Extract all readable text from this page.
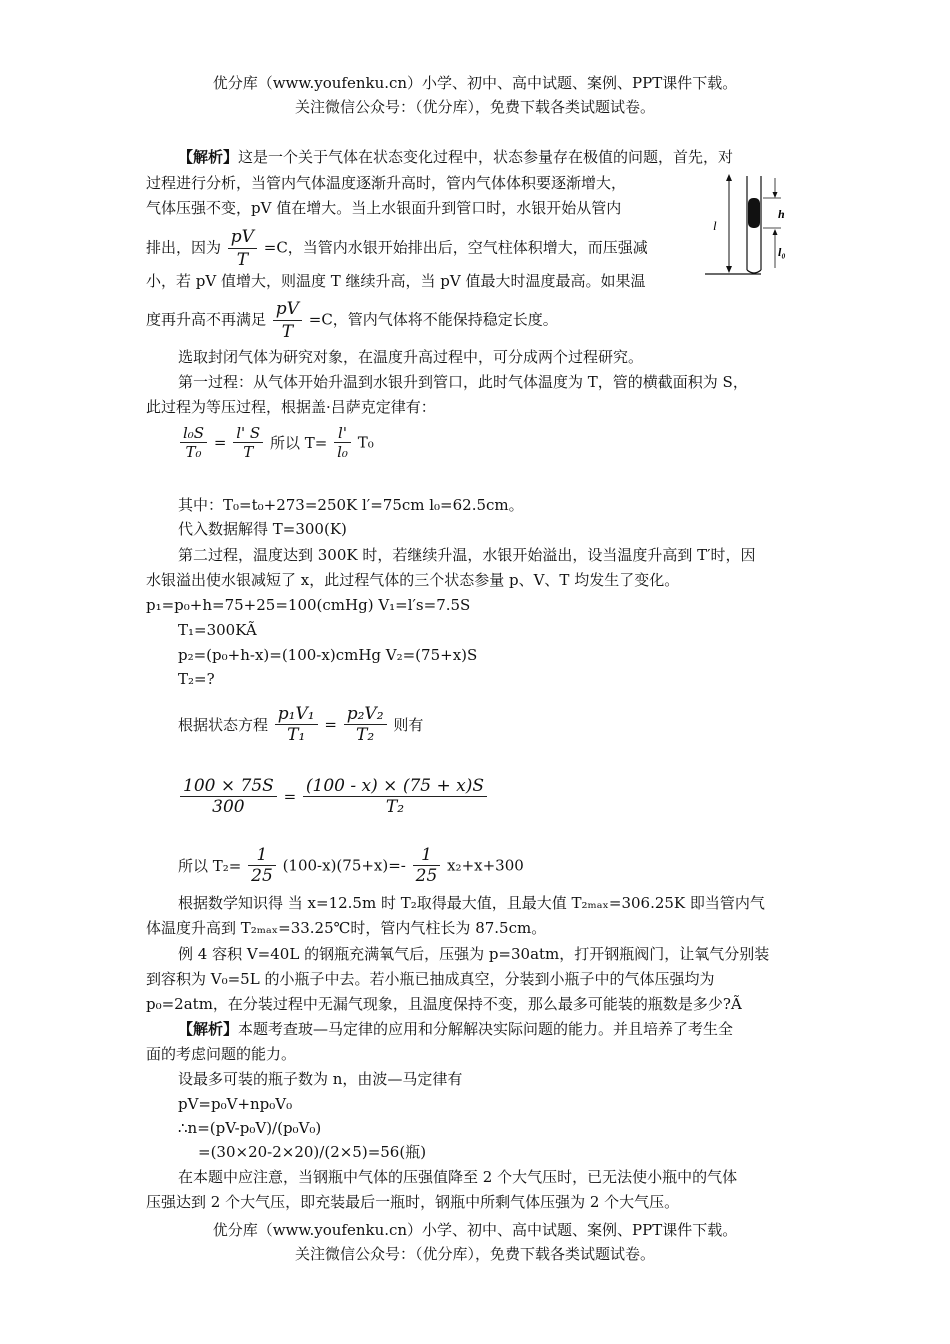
优分库（www.youfenku.cn）小学、初中、高中试题、案例、PPT课件下载。
关注微信公众号：（优分库），免费下载各类试题试卷。
【解析】这是一个关于气体在状态变化过程中，状态参量存在极值的问题，首先，对
过程进行分析，当管内气体温度逐渐升高时，管内气体体积要逐渐增大，
气体压强不变，pV 值在增大。当上水银面升到管口时，水银开始从管内
排出，因为 $\frac{pV}{T} =C$，当管内水银开始排出后，空气柱体积增大，而压强减
小，若 pV 值增大，则温度 T 继续升高，当 pV 值最大时温度最高。如果温
度再升高不再满足 $\frac{pV}{T} =C$，管内气体将不能保持稳定长度。
l
h
l₀
选取封闭气体为研究对象，在温度升高过程中，可分成两个过程研究。
第一过程：从气体开始升温到水银升到管口，此时气体温度为 T，管的横截面积为 S，
此过程为等压过程，根据盖·吕萨克定律有：
$\frac{\text{l₀S}}{\text{T₀}} = \frac{l' S}{T}$ 所以 $T= \frac{l'}{\text{l₀}} T_0$
其中：T₀=t₀+273=250K l′=75cm l₀=62.5cm。
代入数据解得 T=300(K)
第二过程，温度达到 300K 时，若继续升温，水银开始溢出，设当温度升高到 T′时，因
水银溢出使水银减短了 x，此过程气体的三个状态参量 p、V、T 均发生了变化。
p₁=p₀+h=75+25=100(cmHg) V₁=l′s=7.5S
T₁=300KÃ
p₂=(p₀+h-x)=(100-x)cmHg V₂=(75+x)S
T₂=?
根据状态方程 $\frac{\text{p₁V₁}}{\text{T₁}} = \frac{\text{p₂V₂}}{\text{T₂}}$ 则有
$\frac{100 \times 75S}{300} = \frac{(100 - x) \times (75 + x)S}{\text{T₂}}$
所以 $T_2= \frac{1}{25} (100-x)(75+x)=- \frac{1}{25} x_2+x+300$
根据数学知识得 当 x=12.5m 时 T₂取得最大值，且最大值 T₂ₘₐₓ=306.25K 即当管内气
体温度升高到 T₂ₘₐₓ=33.25℃时，管内气柱长为 87.5cm。
例 4 容积 V=40L 的钢瓶充满氧气后，压强为 p=30atm，打开钢瓶阀门，让氧气分别装
到容积为 V₀=5L 的小瓶子中去。若小瓶已抽成真空，分装到小瓶子中的气体压强均为
p₀=2atm，在分装过程中无漏气现象，且温度保持不变，那么最多可能装的瓶数是多少?Ã
【解析】本题考查玻—马定律的应用和分解解决实际问题的能力。并且培养了考生全
面的考虑问题的能力。
设最多可装的瓶子数为 n，由波—马定律有
pV=p₀V+np₀V₀
∴n=(pV-p₀V)/(p₀V₀)
=(30×20-2×20)/(2×5)=56(瓶)
在本题中应注意，当钢瓶中气体的压强值降至 2 个大气压时，已无法使小瓶中的气体
压强达到 2 个大气压，即充装最后一瓶时，钢瓶中所剩气体压强为 2 个大气压。
优分库（www.youfenku.cn）小学、初中、高中试题、案例、PPT课件下载。
关注微信公众号：（优分库），免费下载各类试题试卷。
